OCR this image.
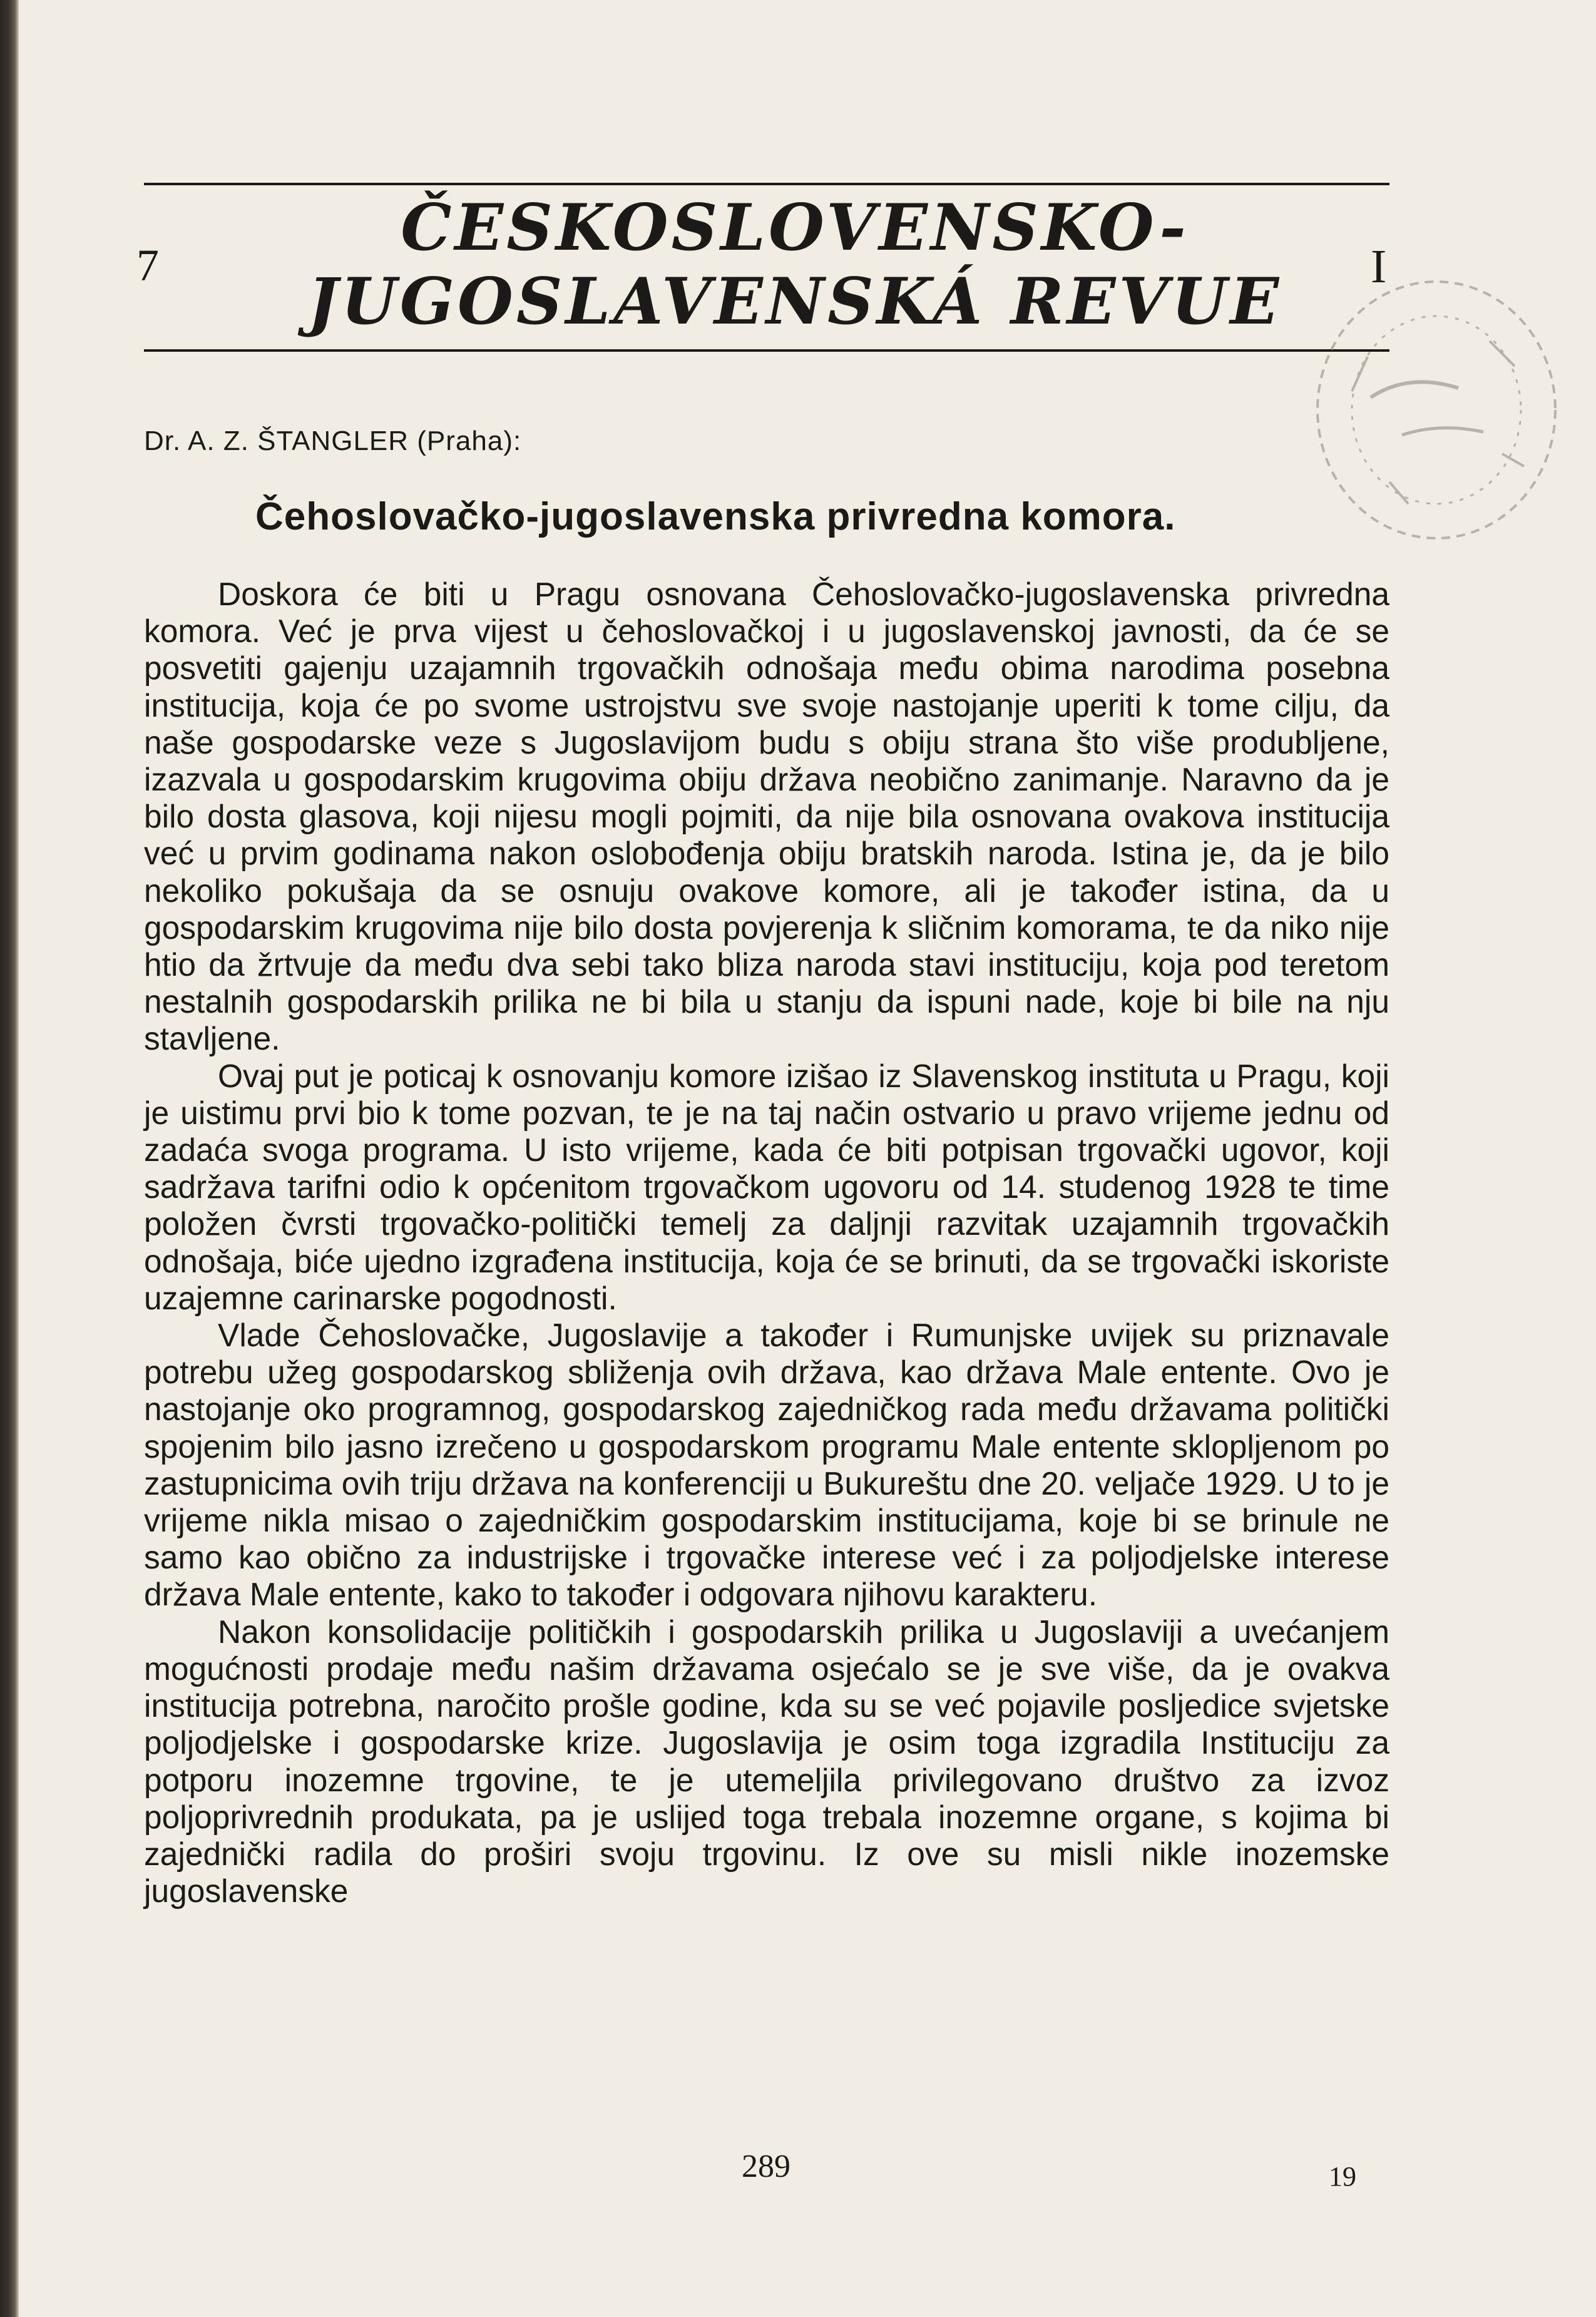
7	ČESKOSLOVENSKO-
JUGOSLAVENSKÁ REVUE	I
Dr. A. Z. ŠTANGLER (Praha):
Čehoslovačko-jugoslavenska privredna komora.

Doskora će biti u Pragu osnovana Čehoslovačko-jugoslavenska privredna komora. Već je prva vijest u čehoslovačkoj i u jugoslavenskoj javnosti, da će se posvetiti gajenju uzajamnih trgovačkih odnošaja među obima narodima posebna institucija, koja će po svome ustrojstvu sve svoje nastojanje uperiti k tome cilju, da naše gospodarske veze s Jugoslavijom budu s obiju strana što više produbljene, izazvala u gospodarskim krugovima obiju država neobično zanimanje. Naravno da je bilo dosta glasova, koji nijesu mogli pojmiti, da nije bila osnovana ovakova institucija već u prvim godinama nakon oslobođenja obiju bratskih naroda. Istina je, da je bilo nekoliko pokušaja da se osnuju ovakove komore, ali je također istina, da u gospodarskim krugovima nije bilo dosta povjerenja k sličnim komorama, te da niko nije htio da žrtvuje da među dva sebi tako bliza naroda stavi instituciju, koja pod teretom nestalnih gospodarskih prilika ne bi bila u stanju da ispuni nade, koje bi bile na nju stavljene.

Ovaj put je poticaj k osnovanju komore izišao iz Slavenskog instituta u Pragu, koji je uistimu prvi bio k tome pozvan, te je na taj način ostvario u pravo vrijeme jednu od zadaća svoga programa. U isto vrijeme, kada će biti potpisan trgovački ugovor, koji sadržava tarifni odio k općenitom trgovačkom ugovoru od 14. studenog 1928 te time položen čvrsti trgovačko-politički temelj za daljnji razvitak uzajamnih trgovačkih odnošaja, biće ujedno izgrađena institucija, koja će se brinuti, da se trgovački iskoriste uzajemne carinarske pogodnosti.

Vlade Čehoslovačke, Jugoslavije a također i Rumunjske uvijek su priznavale potrebu užeg gospodarskog sbliženja ovih država, kao država Male entente. Ovo je nastojanje oko programnog, gospodarskog zajedničkog rada među državama politički spojenim bilo jasno izrečeno u gospodarskom programu Male entente sklopljenom po zastupnicima ovih triju država na konferenciji u Bukureštu dne 20. veljače 1929. U to je vrijeme nikla misao o zajedničkim gospodarskim institucijama, koje bi se brinule ne samo kao obično za industrijske i trgovačke interese već i za poljodjelske interese država Male entente, kako to također i odgovara njihovu karakteru.

Nakon konsolidacije političkih i gospodarskih prilika u Jugoslaviji a uvećanjem mogućnosti prodaje među našim državama osjećalo se je sve više, da je ovakva institucija potrebna, naročito prošle godine, kda su se već pojavile posljedice svjetske poljodjelske i gospodarske krize. Jugoslavija je osim toga izgradila Instituciju za potporu inozemne trgovine, te je utemeljila privilegovano društvo za izvoz poljoprivrednih produkata, pa je uslijed toga trebala inozemne organe, s kojima bi zajednički radila do proširi svoju trgovinu. Iz ove su misli nikle inozemske jugoslavenske

289	19
